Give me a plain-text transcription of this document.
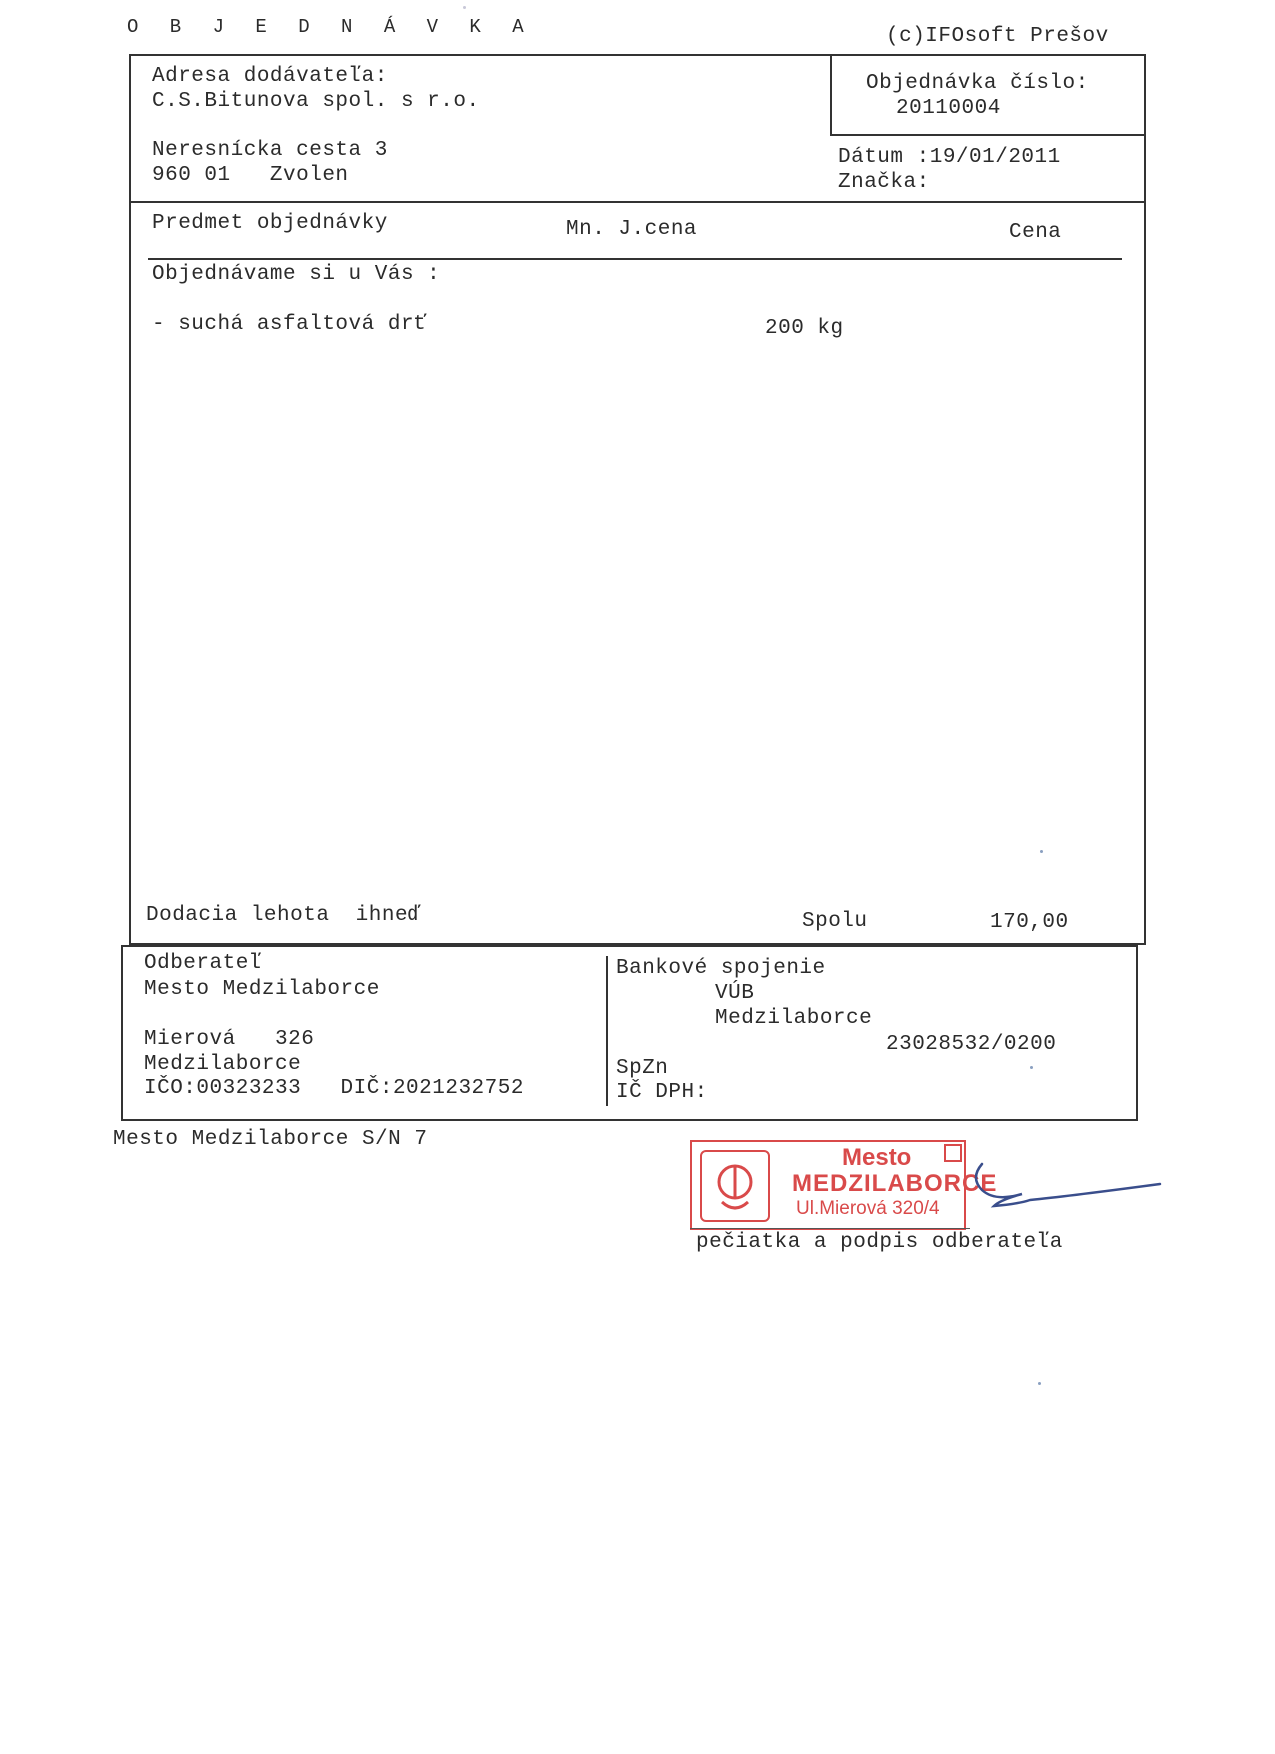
O B J E D N Á V K A	(c)IFOsoft Prešov
Adresa dodávateľa:
C.S.Bitunova spol. s r.o.
Neresnícka cesta 3
960 01   Zvolen
Objednávka číslo:
20110004
Dátum :19/01/2011
Značka:
Predmet objednávky	Mn. J.cena	Cena
Objednávame si u Vás :
- suchá asfaltová drť	200 kg
Dodacia lehota  ihneď	Spolu	170,00
Odberateľ
Mesto Medzilaborce
Mierová   326
Medzilaborce
IČO:00323233   DIČ:2021232752
Bankové spojenie
VÚB
Medzilaborce
23028532/0200
SpZn
IČ DPH:
Mesto Medzilaborce S/N 7
Mesto
MEDZILABORCE
Ul.Mierová 320/4
pečiatka a podpis odberateľa
